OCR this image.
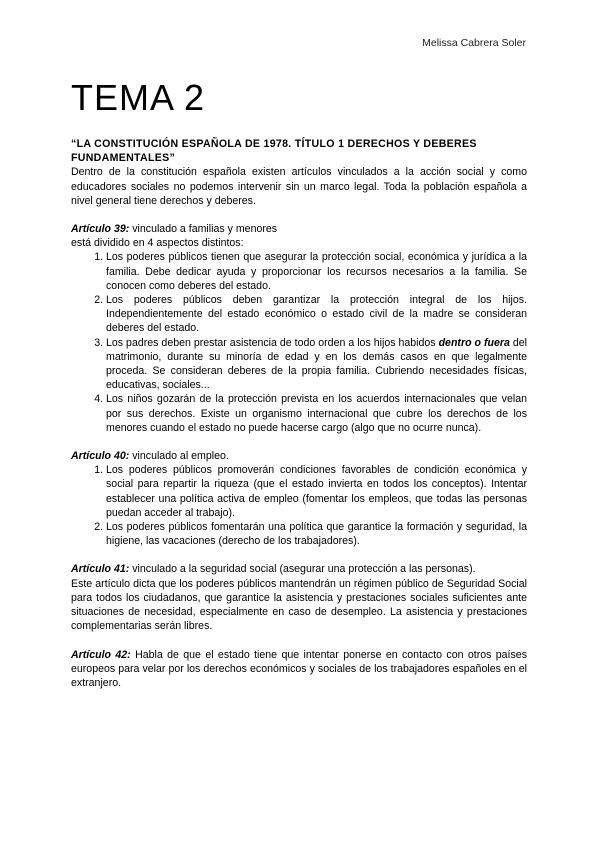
Melissa Cabrera Soler
TEMA 2

“LA CONSTITUCIÓN ESPAÑOLA DE 1978. TÍTULO 1 DERECHOS Y DEBERES FUNDAMENTALES”

Dentro de la constitución española existen artículos vinculados a la acción social y como educadores sociales no podemos intervenir sin un marco legal. Toda la población española a nivel general tiene derechos y deberes.

Artículo 39: vinculado a familias y menores

está dividido en 4 aspectos distintos:

1. Los poderes públicos tienen que asegurar la protección social, económica y jurídica a la familia. Debe dedicar ayuda y proporcionar los recursos necesarios a la familia. Se conocen como deberes del estado.
2. Los poderes públicos deben garantizar la protección integral de los hijos. Independientemente del estado económico o estado civil de la madre se consideran deberes del estado.
3. Los padres deben prestar asistencia de todo orden a los hijos habidos dentro o fuera del matrimonio, durante su minoría de edad y en los demás casos en que legalmente proceda. Se consideran deberes de la propia familia. Cubriendo necesidades físicas, educativas, sociales...
4. Los niños gozarán de la protección prevista en los acuerdos internacionales que velan por sus derechos. Existe un organismo internacional que cubre los derechos de los menores cuando el estado no puede hacerse cargo (algo que no ocurre nunca).

Artículo 40: vinculado al empleo.

1. Los poderes públicos promoverán condiciones favorables de condición económica y social para repartir la riqueza (que el estado invierta en todos los conceptos). Intentar establecer una política activa de empleo (fomentar los empleos, que todas las personas puedan acceder al trabajo).
2. Los poderes públicos fomentarán una política que garantice la formación y seguridad, la higiene, las vacaciones (derecho de los trabajadores).

Artículo 41: vinculado a la seguridad social (asegurar una protección a las personas).

Este artículo dicta que los poderes públicos mantendrán un régimen público de Seguridad Social para todos los ciudadanos, que garantice la asistencia y prestaciones sociales suficientes ante situaciones de necesidad, especialmente en caso de desempleo. La asistencia y prestaciones complementarias serán libres.

Artículo 42: Habla de que el estado tiene que intentar ponerse en contacto con otros países europeos para velar por los derechos económicos y sociales de los trabajadores españoles en el extranjero.
